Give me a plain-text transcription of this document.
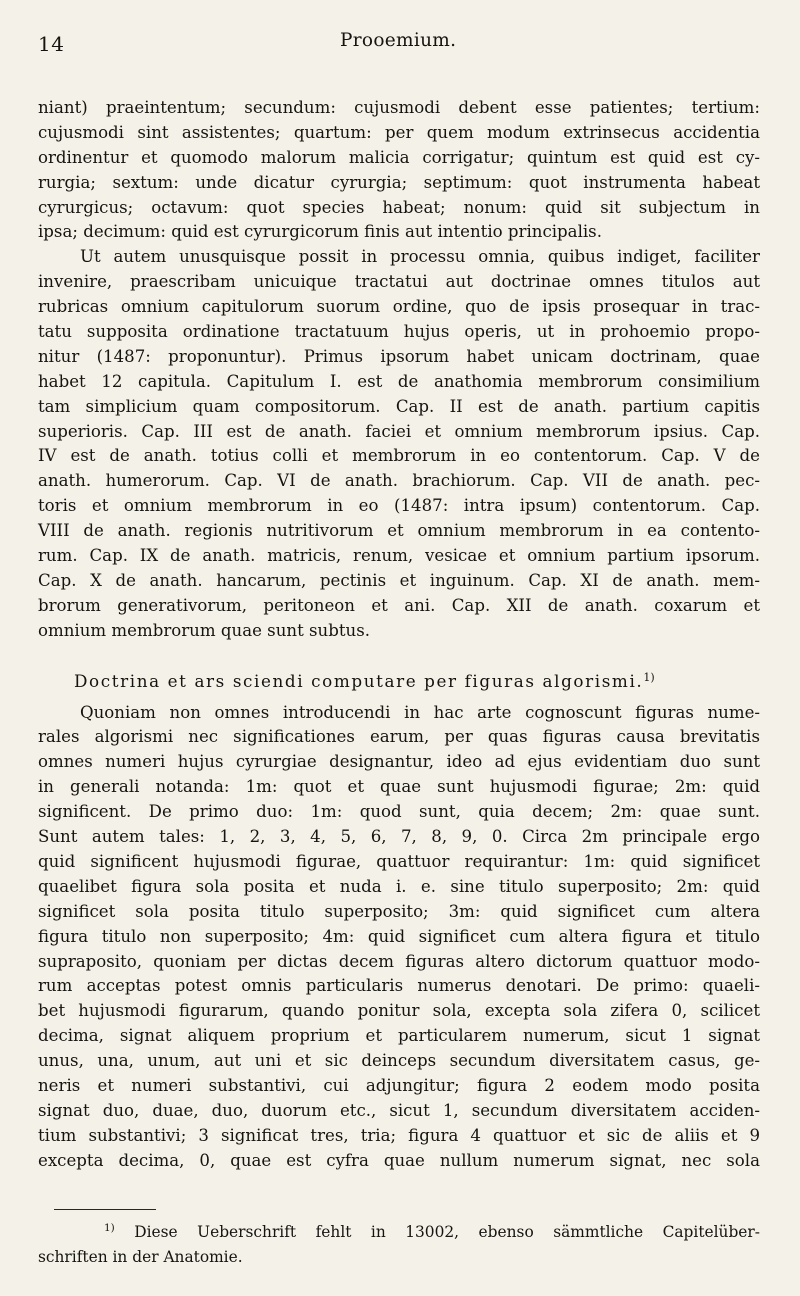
14	Prooemium.
niant) praeintentum; secundum: cujusmodi debent esse patientes; tertium:
cujusmodi sint assistentes; quartum: per quem modum extrinsecus accidentia
ordinentur et quomodo malorum malicia corrigatur; quintum est quid est cy-
rurgia; sextum: unde dicatur cyrurgia; septimum: quot instrumenta habeat
cyrurgicus; octavum: quot species habeat; nonum: quid sit subjectum in
ipsa; decimum: quid est cyrurgicorum finis aut intentio principalis.
Ut autem unusquisque possit in processu omnia, quibus indiget, faciliter
invenire, praescribam unicuique tractatui aut doctrinae omnes titulos aut
rubricas omnium capitulorum suorum ordine, quo de ipsis prosequar in trac-
tatu supposita ordinatione tractatuum hujus operis, ut in prohoemio propo-
nitur (1487: proponuntur). Primus ipsorum habet unicam doctrinam, quae
habet 12 capitula. Capitulum I. est de anathomia membrorum consimilium
tam simplicium quam compositorum. Cap. II est de anath. partium capitis
superioris. Cap. III est de anath. faciei et omnium membrorum ipsius. Cap.
IV est de anath. totius colli et membrorum in eo contentorum. Cap. V de
anath. humerorum. Cap. VI de anath. brachiorum. Cap. VII de anath. pec-
toris et omnium membrorum in eo (1487: intra ipsum) contentorum. Cap.
VIII de anath. regionis nutritivorum et omnium membrorum in ea contento-
rum. Cap. IX de anath. matricis, renum, vesicae et omnium partium ipsorum.
Cap. X de anath. hancarum, pectinis et inguinum. Cap. XI de anath. mem-
brorum generativorum, peritoneon et ani. Cap. XII de anath. coxarum et
omnium membrorum quae sunt subtus.
Doctrina et ars sciendi computare per figuras algorismi.$^{1)}$
Quoniam non omnes introducendi in hac arte cognoscunt figuras nume-
rales algorismi nec significationes earum, per quas figuras causa brevitatis
omnes numeri hujus cyrurgiae designantur, ideo ad ejus evidentiam duo sunt
in generali notanda: 1m: quot et quae sunt hujusmodi figurae; 2m: quid
significent. De primo duo: 1m: quod sunt, quia decem; 2m: quae sunt.
Sunt autem tales: 1, 2, 3, 4, 5, 6, 7, 8, 9, 0. Circa 2m principale ergo
quid significent hujusmodi figurae, quattuor requirantur: 1m: quid significet
quaelibet figura sola posita et nuda i. e. sine titulo superposito; 2m: quid
significet sola posita titulo superposito; 3m: quid significet cum altera
figura titulo non superposito; 4m: quid significet cum altera figura et titulo
supraposito, quoniam per dictas decem figuras altero dictorum quattuor modo-
rum acceptas potest omnis particularis numerus denotari. De primo: quaeli-
bet hujusmodi figurarum, quando ponitur sola, excepta sola zifera 0, scilicet
decima, signat aliquem proprium et particularem numerum, sicut 1 signat
unus, una, unum, aut uni et sic deinceps secundum diversitatem casus, ge-
neris et numeri substantivi, cui adjungitur; figura 2 eodem modo posita
signat duo, duae, duo, duorum etc., sicut 1, secundum diversitatem acciden-
tium substantivi; 3 significat tres, tria; figura 4 quattuor et sic de aliis et 9
excepta decima, 0, quae est cyfra quae nullum numerum signat, nec sola
$^{1)}$ Diese Ueberschrift fehlt in 13002, ebenso sämmtliche Capitelüber-
schriften in der Anatomie.
